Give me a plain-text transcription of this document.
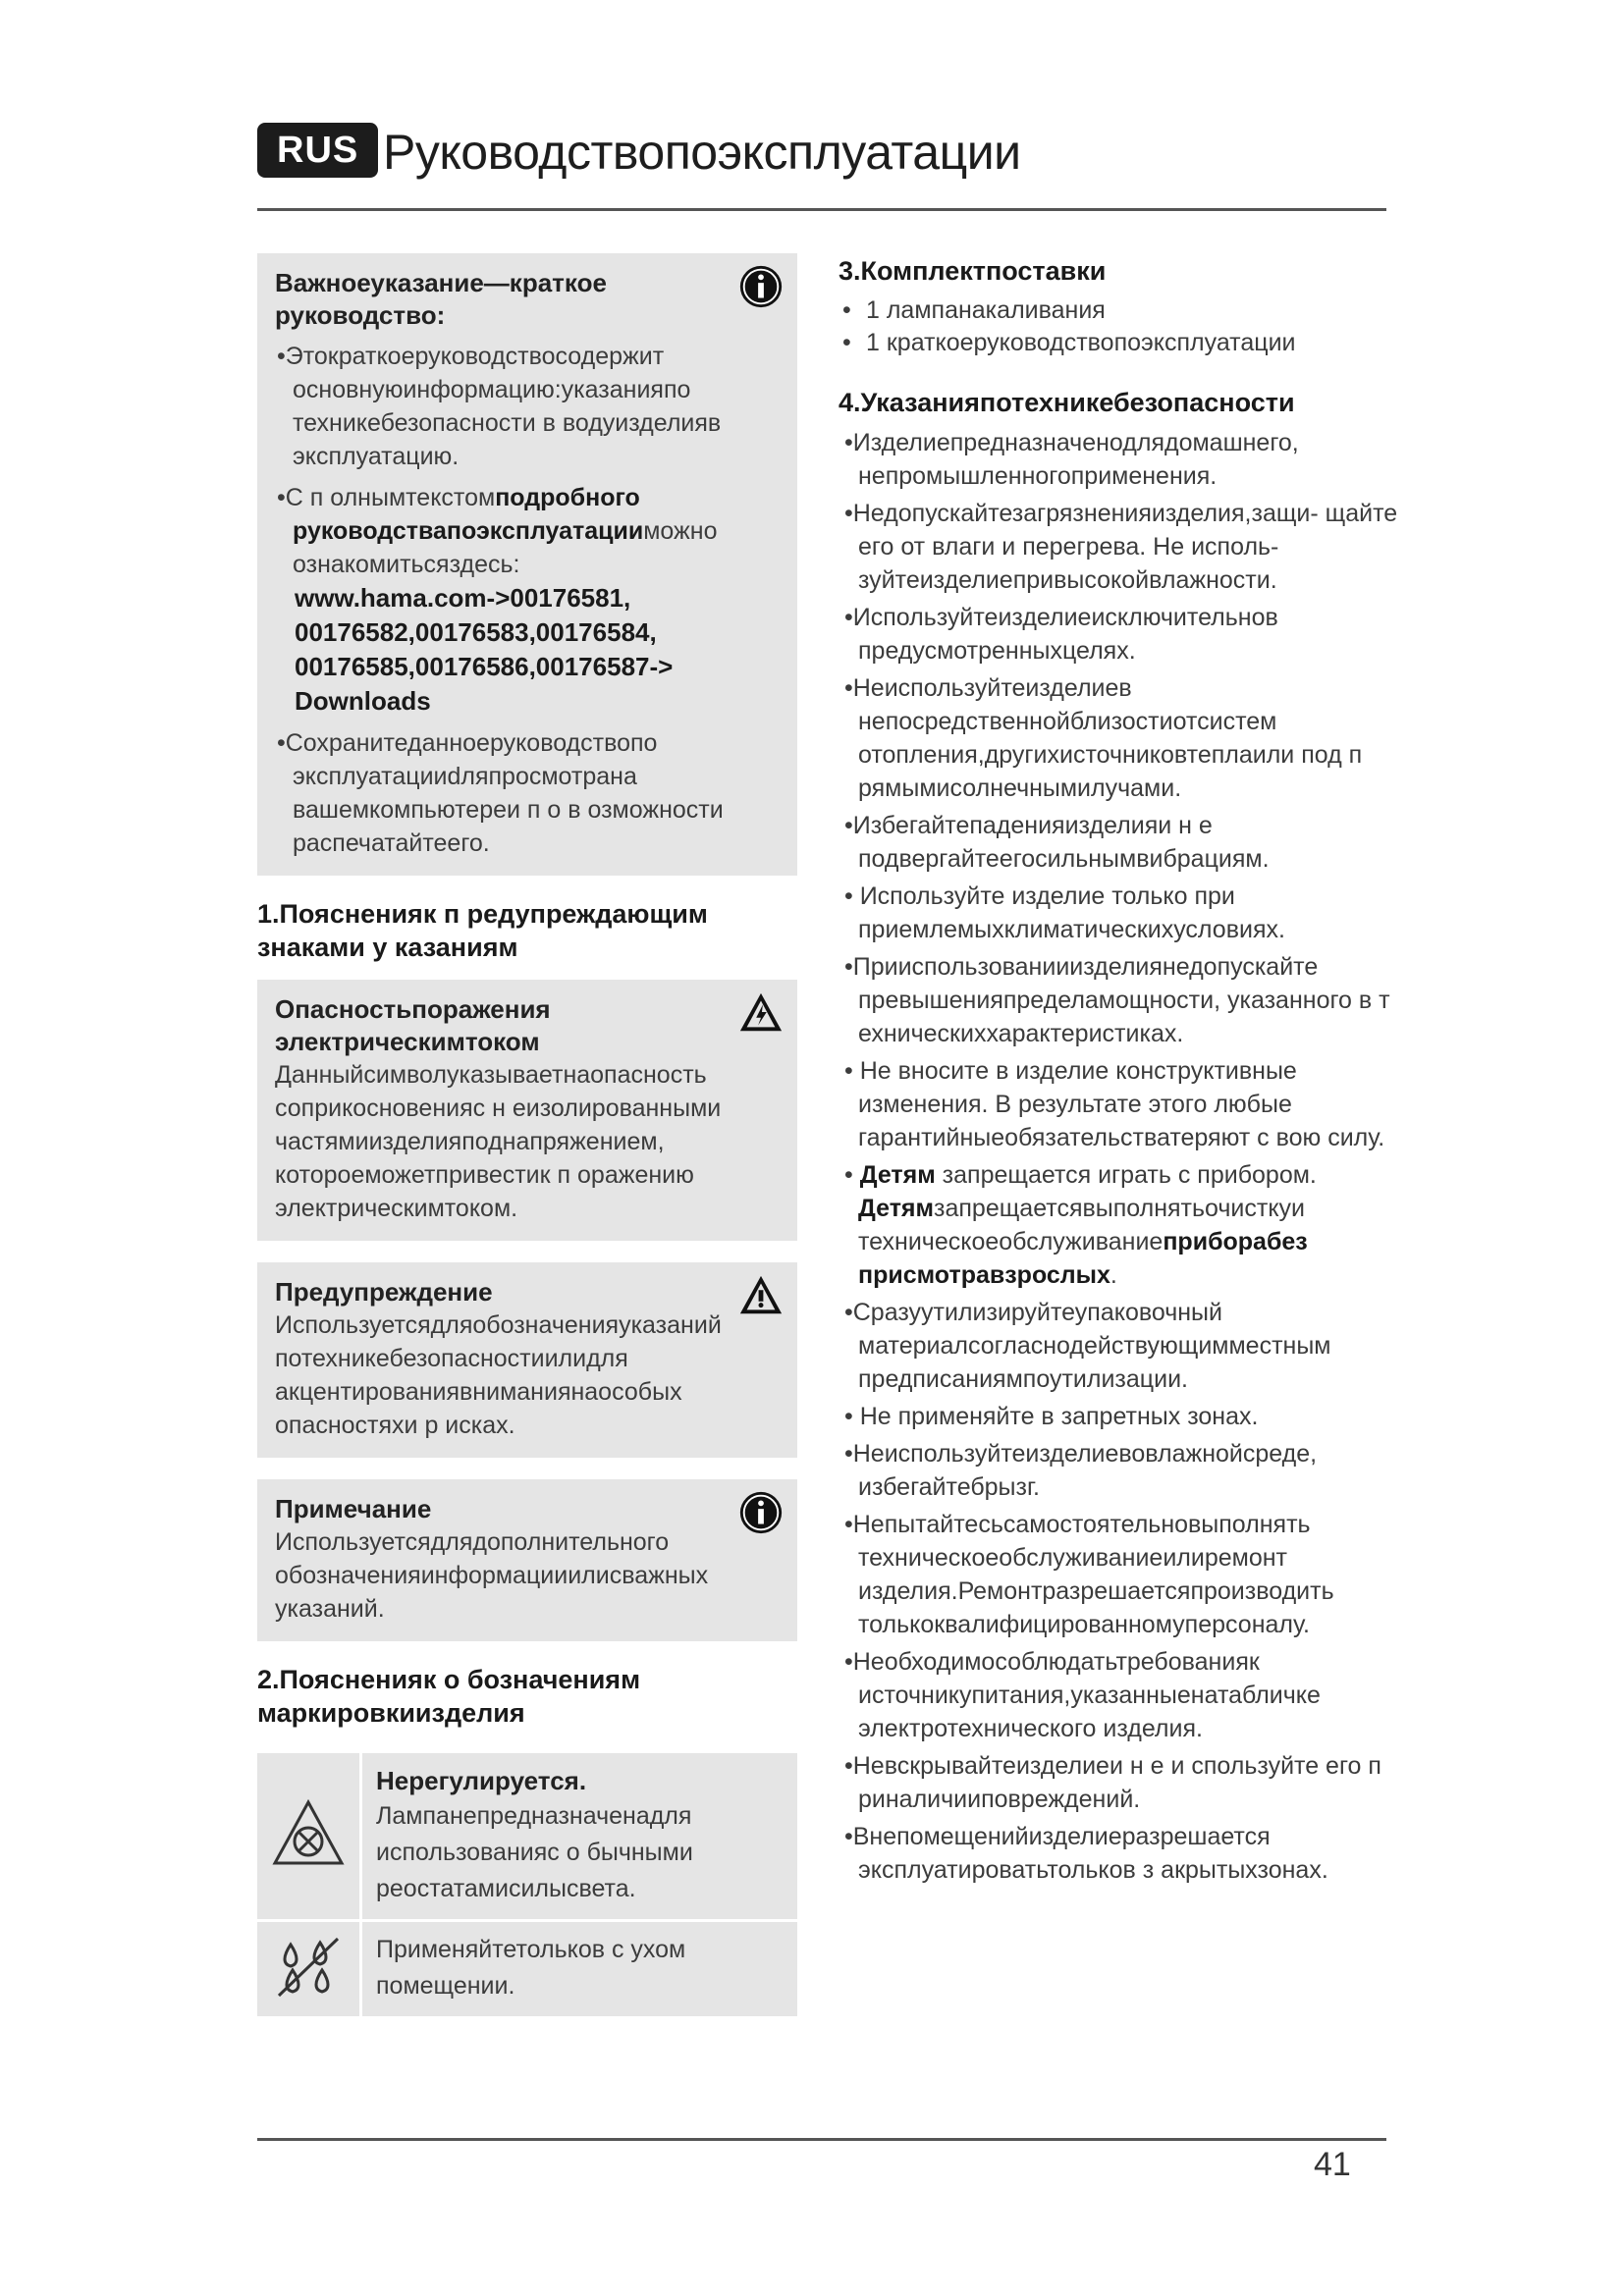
RUS Руководствопоэксплуатации
Важноеуказание—краткое руководство:
•Этократкоеруководствосодержит основнуюинформацию:указанияпо техникебезопасности в водуизделияв эксплуатацию.
•С п олнымтекстомподробного руководствапоэксплуатацииможно ознакомитьсяздесь:
www.hama.com->00176581, 00176582,00176583,00176584, 00176585,00176586,00176587-> Downloads
•Сохранитеданноеруководствопо эксплуатацииdляпросмотрана вашемкомпьютереи п о в озможности распечатайтеего.
1.Поясненияк п редупреждающим знаками у казаниям
Опасностьпоражения электрическимтоком
Данныйсимволуказываетнаопасность соприкосновенияс н еизолированными частямиизделияподнапряжением, котороеможетпривестик п оражению электрическимтоком.
Предупреждение
Используетсядляобозначенияуказаний потехникебезопасностиилидля акцентированиявниманиянаособых опасностяхи р исках.
Примечание
Используетсядлядополнительного обозначенияинформацииилиcважных указаний.
2.Поясненияк о бозначениям маркировкиизделия

Нерегулируется.
Лампанепредназначенадля использованияс о бычными реостатамисилысвета.

Применяйтетольков с ухом помещении.
3.Комплектпоставки
• 1 лампанакаливания
• 1 краткоеруководствопоэксплуатации
4.Указанияпотехникебезопасности
•Изделиепредназначенодлядомашнего, непромышленногоприменения.
•Недопускайтезагрязненияизделия,защи- щайте его от влаги и перегрева. Не исполь- зуйтеизделиепривысокойвлажности.
•Используйтеизделиеисключительнов предусмотренныхцелях.
•Неиспользуйтеизделиев непосредственнойблизостиотсистем отопления,другихисточниковтеплаили под п рямымисолнечнымилучами.
•Избегайтепаденияизделияи н е подвергайтеегосильнымвибрациям.
• Используйте изделие только при приемлемыхклиматическихусловиях.
•Прииспользованииизделиянедопускайте превышенияпределамощности, указанного в т ехническиххарактеристиках.
• Не вносите в изделие конструктивные изменения. В результате этого любые гарантийныеобязательстватеряют с вою силу.
• Детям запрещается играть с прибором. Детямзапрещаетсявыполнятьочисткуи техническоеобслуживаниеприборабез присмотравзрослых.
•Сразуутилизируйтеупаковочный материалсогласнодействующимместным предписаниямпоутилизации.
• Не применяйте в запретных зонах.
•Неиспользуйтеизделиевовлажнойсреде, избегайтебрызг.
•Непытайтесьсамостоятельновыполнять техническоеобслуживаниеилиремонт изделия.Ремонтразрешаетсяпроизводить толькоквалифицированномуперсоналу.
•Необходимособлюдатьтребованияк источникупитания,указанныенатабличке электротехнического изделия.
•Невскрывайтеизделиеи н е и спользуйте его п риналичииповреждений.
•Внепомещенийизделиеразрешается эксплуатироватьтольков з акрытыхзонах.
41
